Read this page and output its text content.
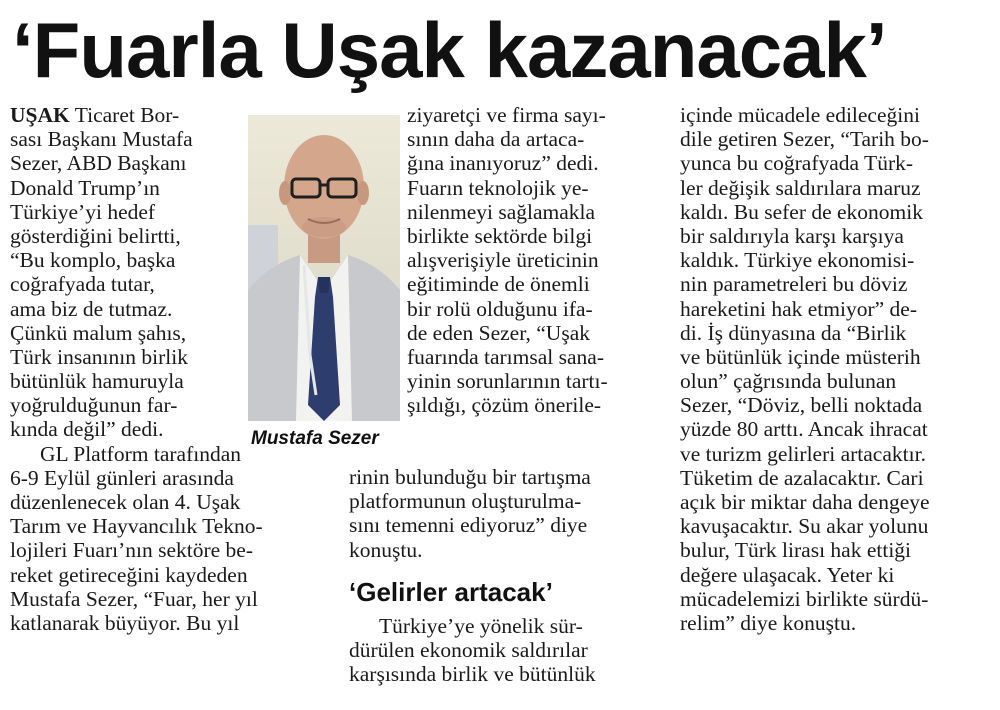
‘Fuarla Uşak kazanacak’
UŞAK Ticaret Bor-
sası Başkanı Mustafa
Sezer, ABD Başkanı
Donald Trump’ın
Türkiye’yi hedef
gösterdiğini belirtti,
“Bu komplo, başka
coğrafyada tutar,
ama biz de tutmaz.
Çünkü malum şahıs,
Türk insanının birlik
bütünlük hamuruyla
yoğrulduğunun far-
kında değil” dedi.
GL Platform tarafından
6-9 Eylül günleri arasında
düzenlenecek olan 4. Uşak
Tarım ve Hayvancılık Tekno-
lojileri Fuarı’nın sektöre be-
reket getireceğini kaydeden
Mustafa Sezer, “Fuar, her yıl
katlanarak büyüyor. Bu yıl
Mustafa Sezer
ziyaretçi ve firma sayı-
sının daha da artaca-
ğına inanıyoruz” dedi.
Fuarın teknolojik ye-
nilenmeyi sağlamakla
birlikte sektörde bilgi
alışverişiyle üreticinin
eğitiminde de önemli
bir rolü olduğunu ifa-
de eden Sezer, “Uşak
fuarında tarımsal sana-
yinin sorunlarının tartı-
şıldığı, çözüm önerile-
rinin bulunduğu bir tartışma
platformunun oluşturulma-
sını temenni ediyoruz” diye
konuştu.
‘Gelirler artacak’
Türkiye’ye yönelik sür-
dürülen ekonomik saldırılar
karşısında birlik ve bütünlük
içinde mücadele edileceğini
dile getiren Sezer, “Tarih bo-
yunca bu coğrafyada Türk-
ler değişik saldırılara maruz
kaldı. Bu sefer de ekonomik
bir saldırıyla karşı karşıya
kaldık. Türkiye ekonomisi-
nin parametreleri bu döviz
hareketini hak etmiyor” de-
di. İş dünyasına da “Birlik
ve bütünlük içinde müsterih
olun” çağrısında bulunan
Sezer, “Döviz, belli noktada
yüzde 80 arttı. Ancak ihracat
ve turizm gelirleri artacaktır.
Tüketim de azalacaktır. Cari
açık bir miktar daha dengeye
kavuşacaktır. Su akar yolunu
bulur, Türk lirası hak ettiği
değere ulaşacak. Yeter ki
mücadelemizi birlikte sürdü-
relim” diye konuştu.
